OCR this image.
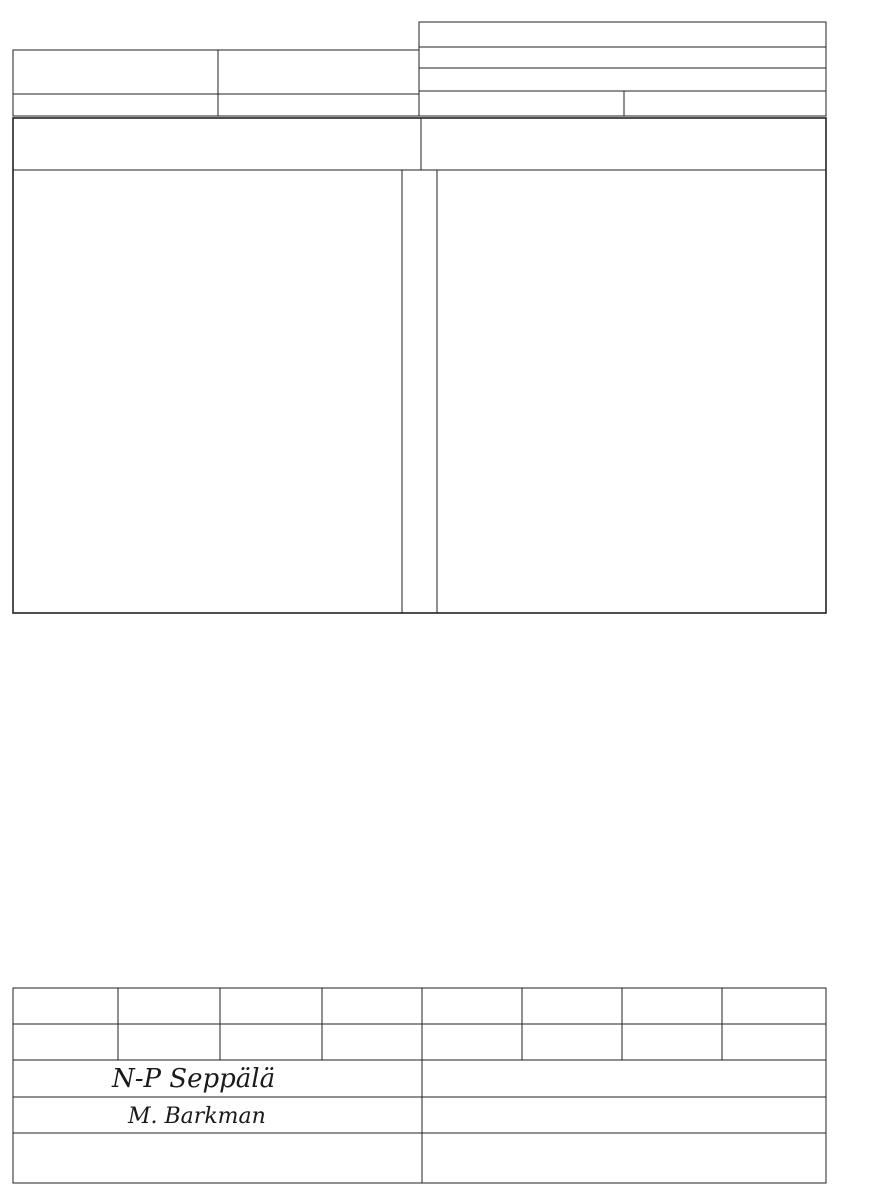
N-P Seppälä
M. Barkman
